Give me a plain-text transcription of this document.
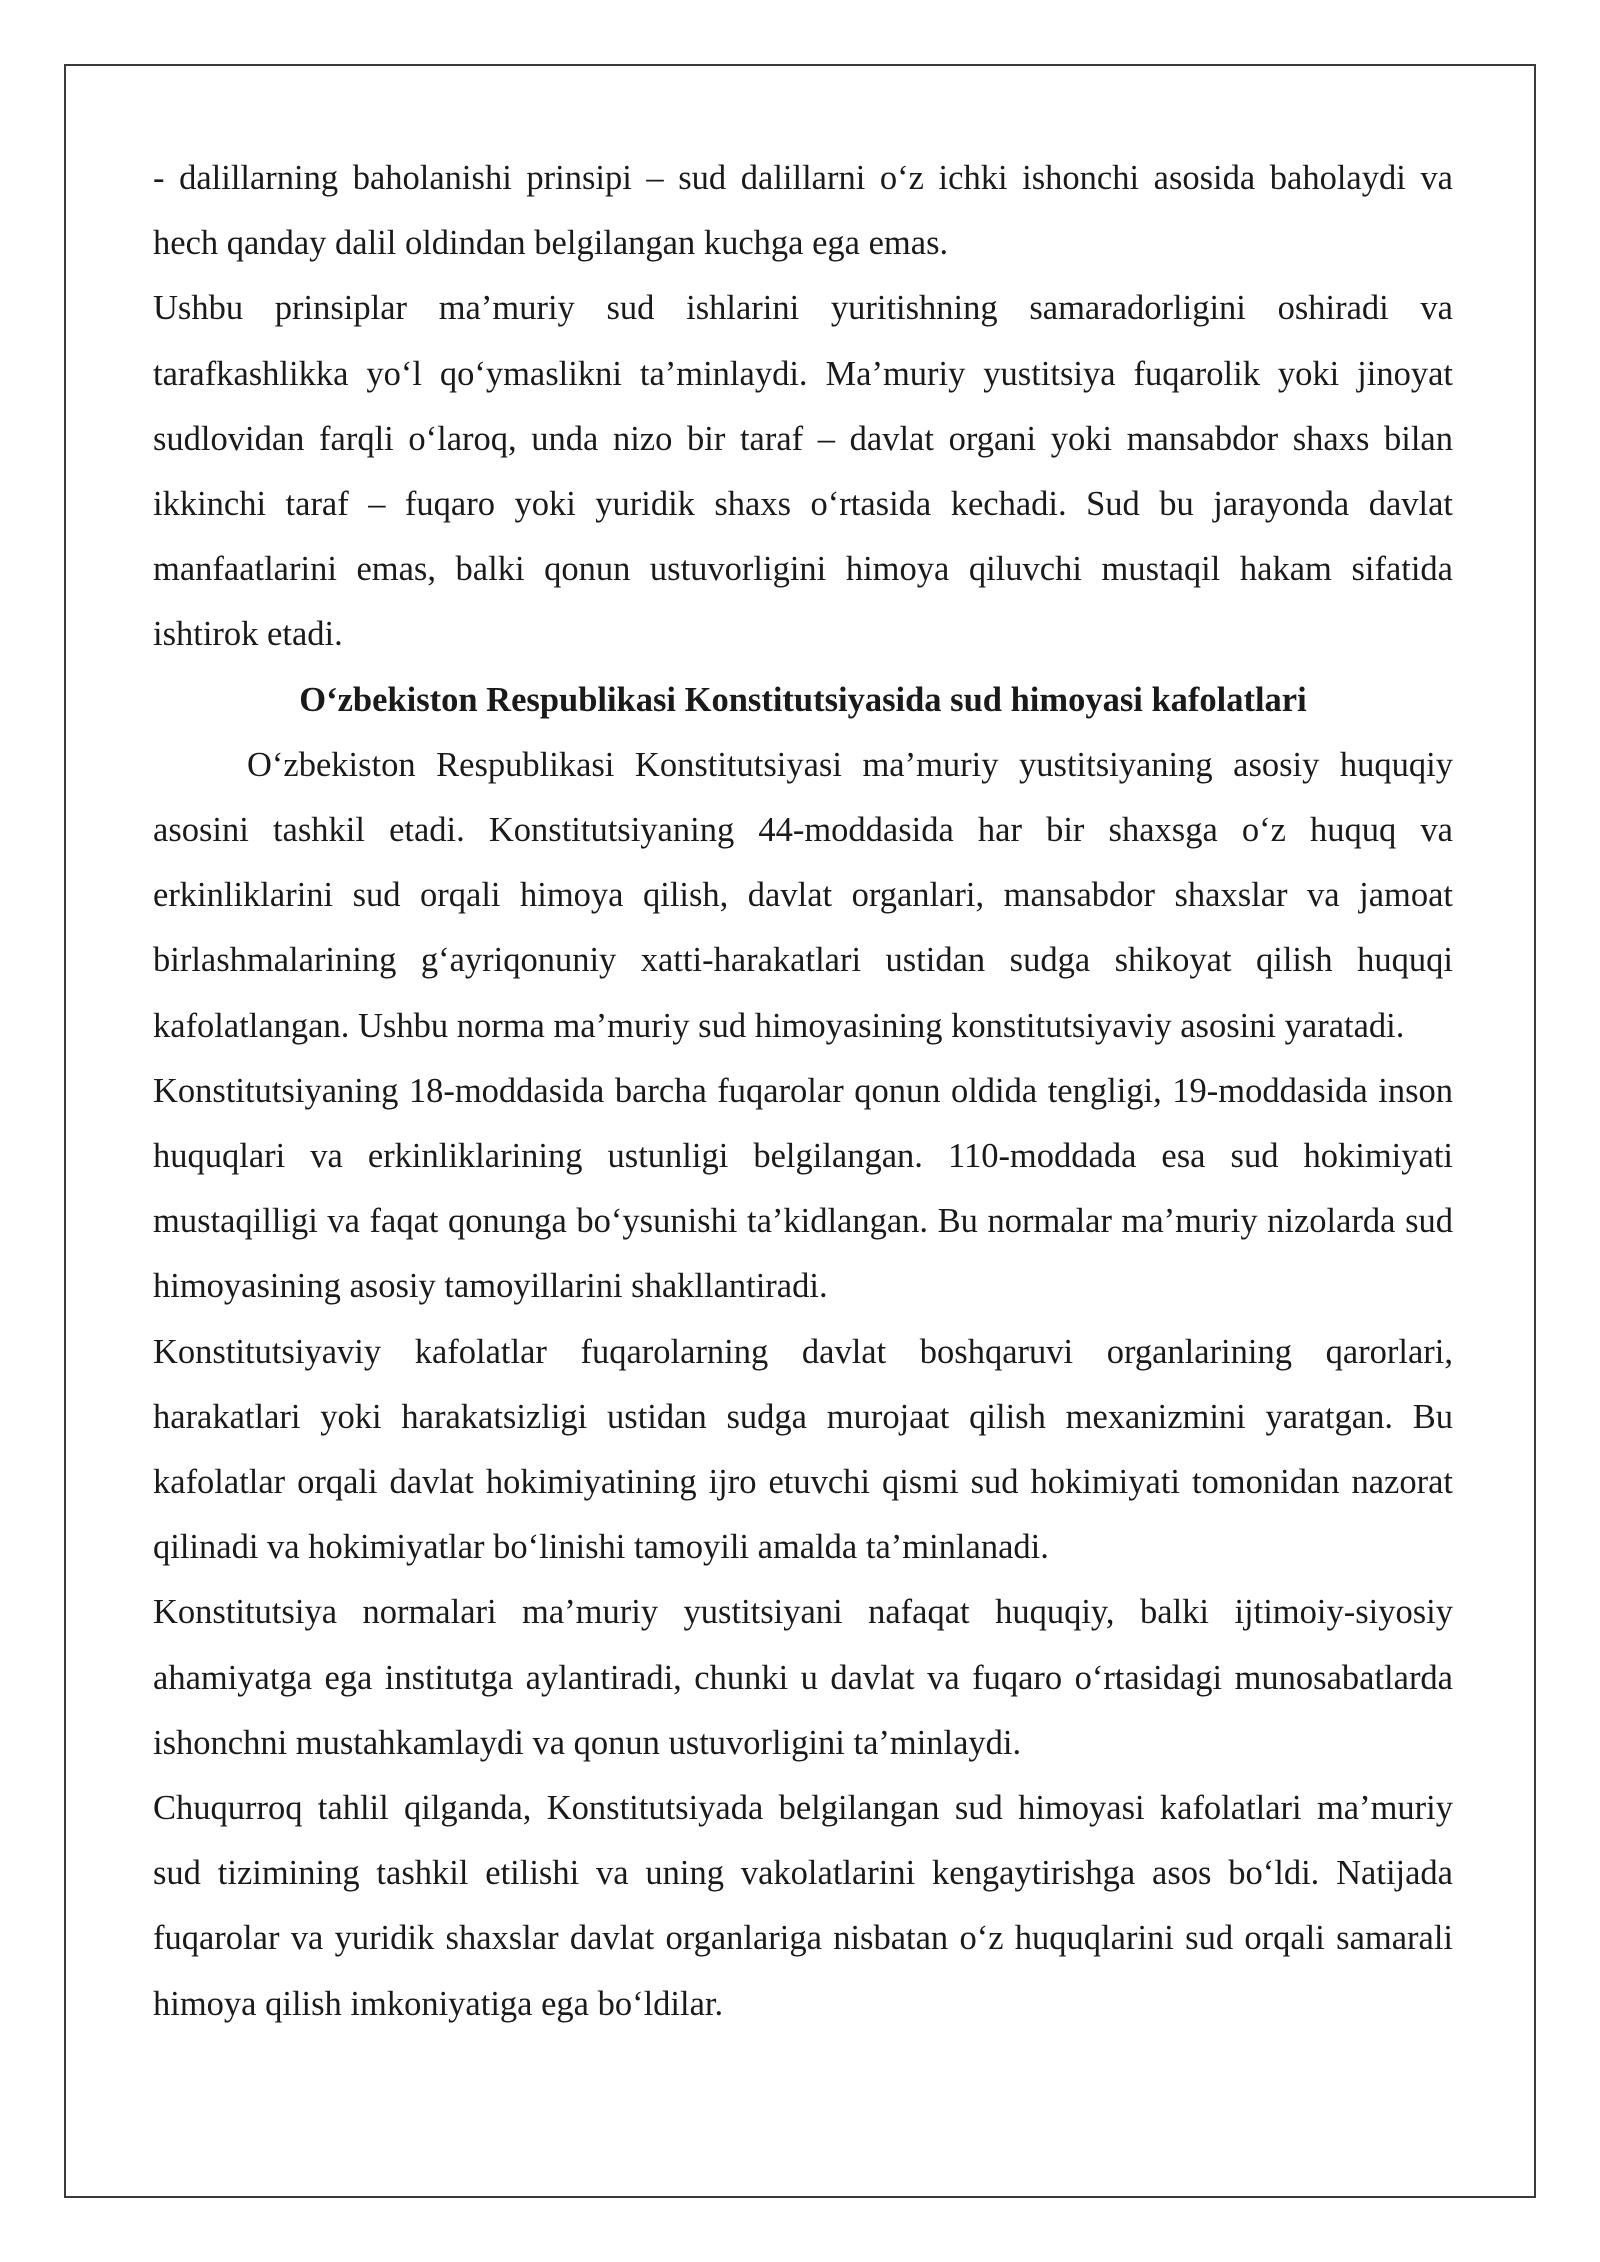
- dalillarning baholanishi prinsipi – sud dalillarni o‘z ichki ishonchi asosida baholaydi va hech qanday dalil oldindan belgilangan kuchga ega emas.

Ushbu prinsiplar ma’muriy sud ishlarini yuritishning samaradorligini oshiradi va tarafkashlikka yo‘l qo‘ymaslikni ta’minlaydi. Ma’muriy yustitsiya fuqarolik yoki jinoyat sudlovidan farqli o‘laroq, unda nizo bir taraf – davlat organi yoki mansabdor shaxs bilan ikkinchi taraf – fuqaro yoki yuridik shaxs o‘rtasida kechadi. Sud bu jarayonda davlat manfaatlarini emas, balki qonun ustuvorligini himoya qiluvchi mustaqil hakam sifatida ishtirok etadi.

O‘zbekiston Respublikasi Konstitutsiyasida sud himoyasi kafolatlari

O‘zbekiston Respublikasi Konstitutsiyasi ma’muriy yustitsiyaning asosiy huquqiy asosini tashkil etadi. Konstitutsiyaning 44-moddasida har bir shaxsga o‘z huquq va erkinliklarini sud orqali himoya qilish, davlat organlari, mansabdor shaxslar va jamoat birlashmalarining g‘ayriqonuniy xatti-harakatlari ustidan sudga shikoyat qilish huquqi kafolatlangan. Ushbu norma ma’muriy sud himoyasining konstitutsiyaviy asosini yaratadi.

Konstitutsiyaning 18-moddasida barcha fuqarolar qonun oldida tengligi, 19-moddasida inson huquqlari va erkinliklarining ustunligi belgilangan. 110-moddada esa sud hokimiyati mustaqilligi va faqat qonunga bo‘ysunishi ta’kidlangan. Bu normalar ma’muriy nizolarda sud himoyasining asosiy tamoyillarini shakllantiradi.

Konstitutsiyaviy kafolatlar fuqarolarning davlat boshqaruvi organlarining qarorlari, harakatlari yoki harakatsizligi ustidan sudga murojaat qilish mexanizmini yaratgan. Bu kafolatlar orqali davlat hokimiyatining ijro etuvchi qismi sud hokimiyati tomonidan nazorat qilinadi va hokimiyatlar bo‘linishi tamoyili amalda ta’minlanadi.

Konstitutsiya normalari ma’muriy yustitsiyani nafaqat huquqiy, balki ijtimoiy-siyosiy ahamiyatga ega institutga aylantiradi, chunki u davlat va fuqaro o‘rtasidagi munosabatlarda ishonchni mustahkamlaydi va qonun ustuvorligini ta’minlaydi.

Chuqurroq tahlil qilganda, Konstitutsiyada belgilangan sud himoyasi kafolatlari ma’muriy sud tizimining tashkil etilishi va uning vakolatlarini kengaytirishga asos bo‘ldi. Natijada fuqarolar va yuridik shaxslar davlat organlariga nisbatan o‘z huquqlarini sud orqali samarali himoya qilish imkoniyatiga ega bo‘ldilar.
